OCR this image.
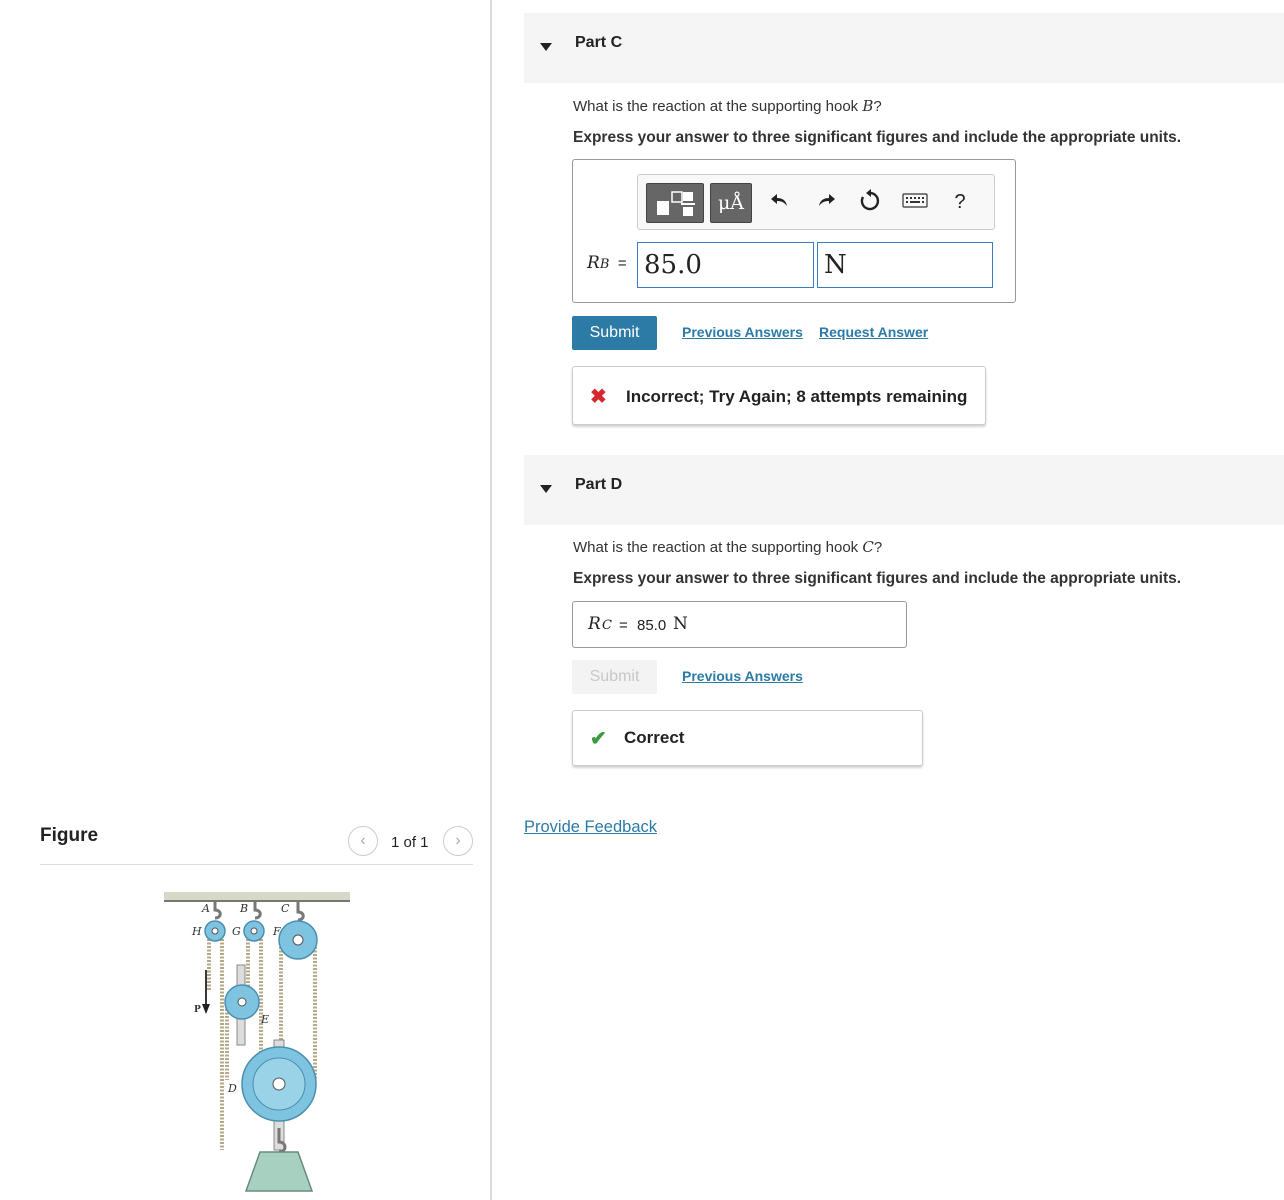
Part C
What is the reaction at the supporting hook B?
Express your answer to three significant figures and include the appropriate units.
μÅ	?
RB = 85.0	N
Submit	Previous Answers Request Answer
✖ Incorrect; Try Again; 8 attempts remaining
Part D
What is the reaction at the supporting hook C?
Express your answer to three significant figures and include the appropriate units.
R C = 85.0 N
Submit	Previous Answers
✔ Correct
Provide Feedback
Figure	‹	1 of 1	›
A	B	C
H	G	F
P
E
D
